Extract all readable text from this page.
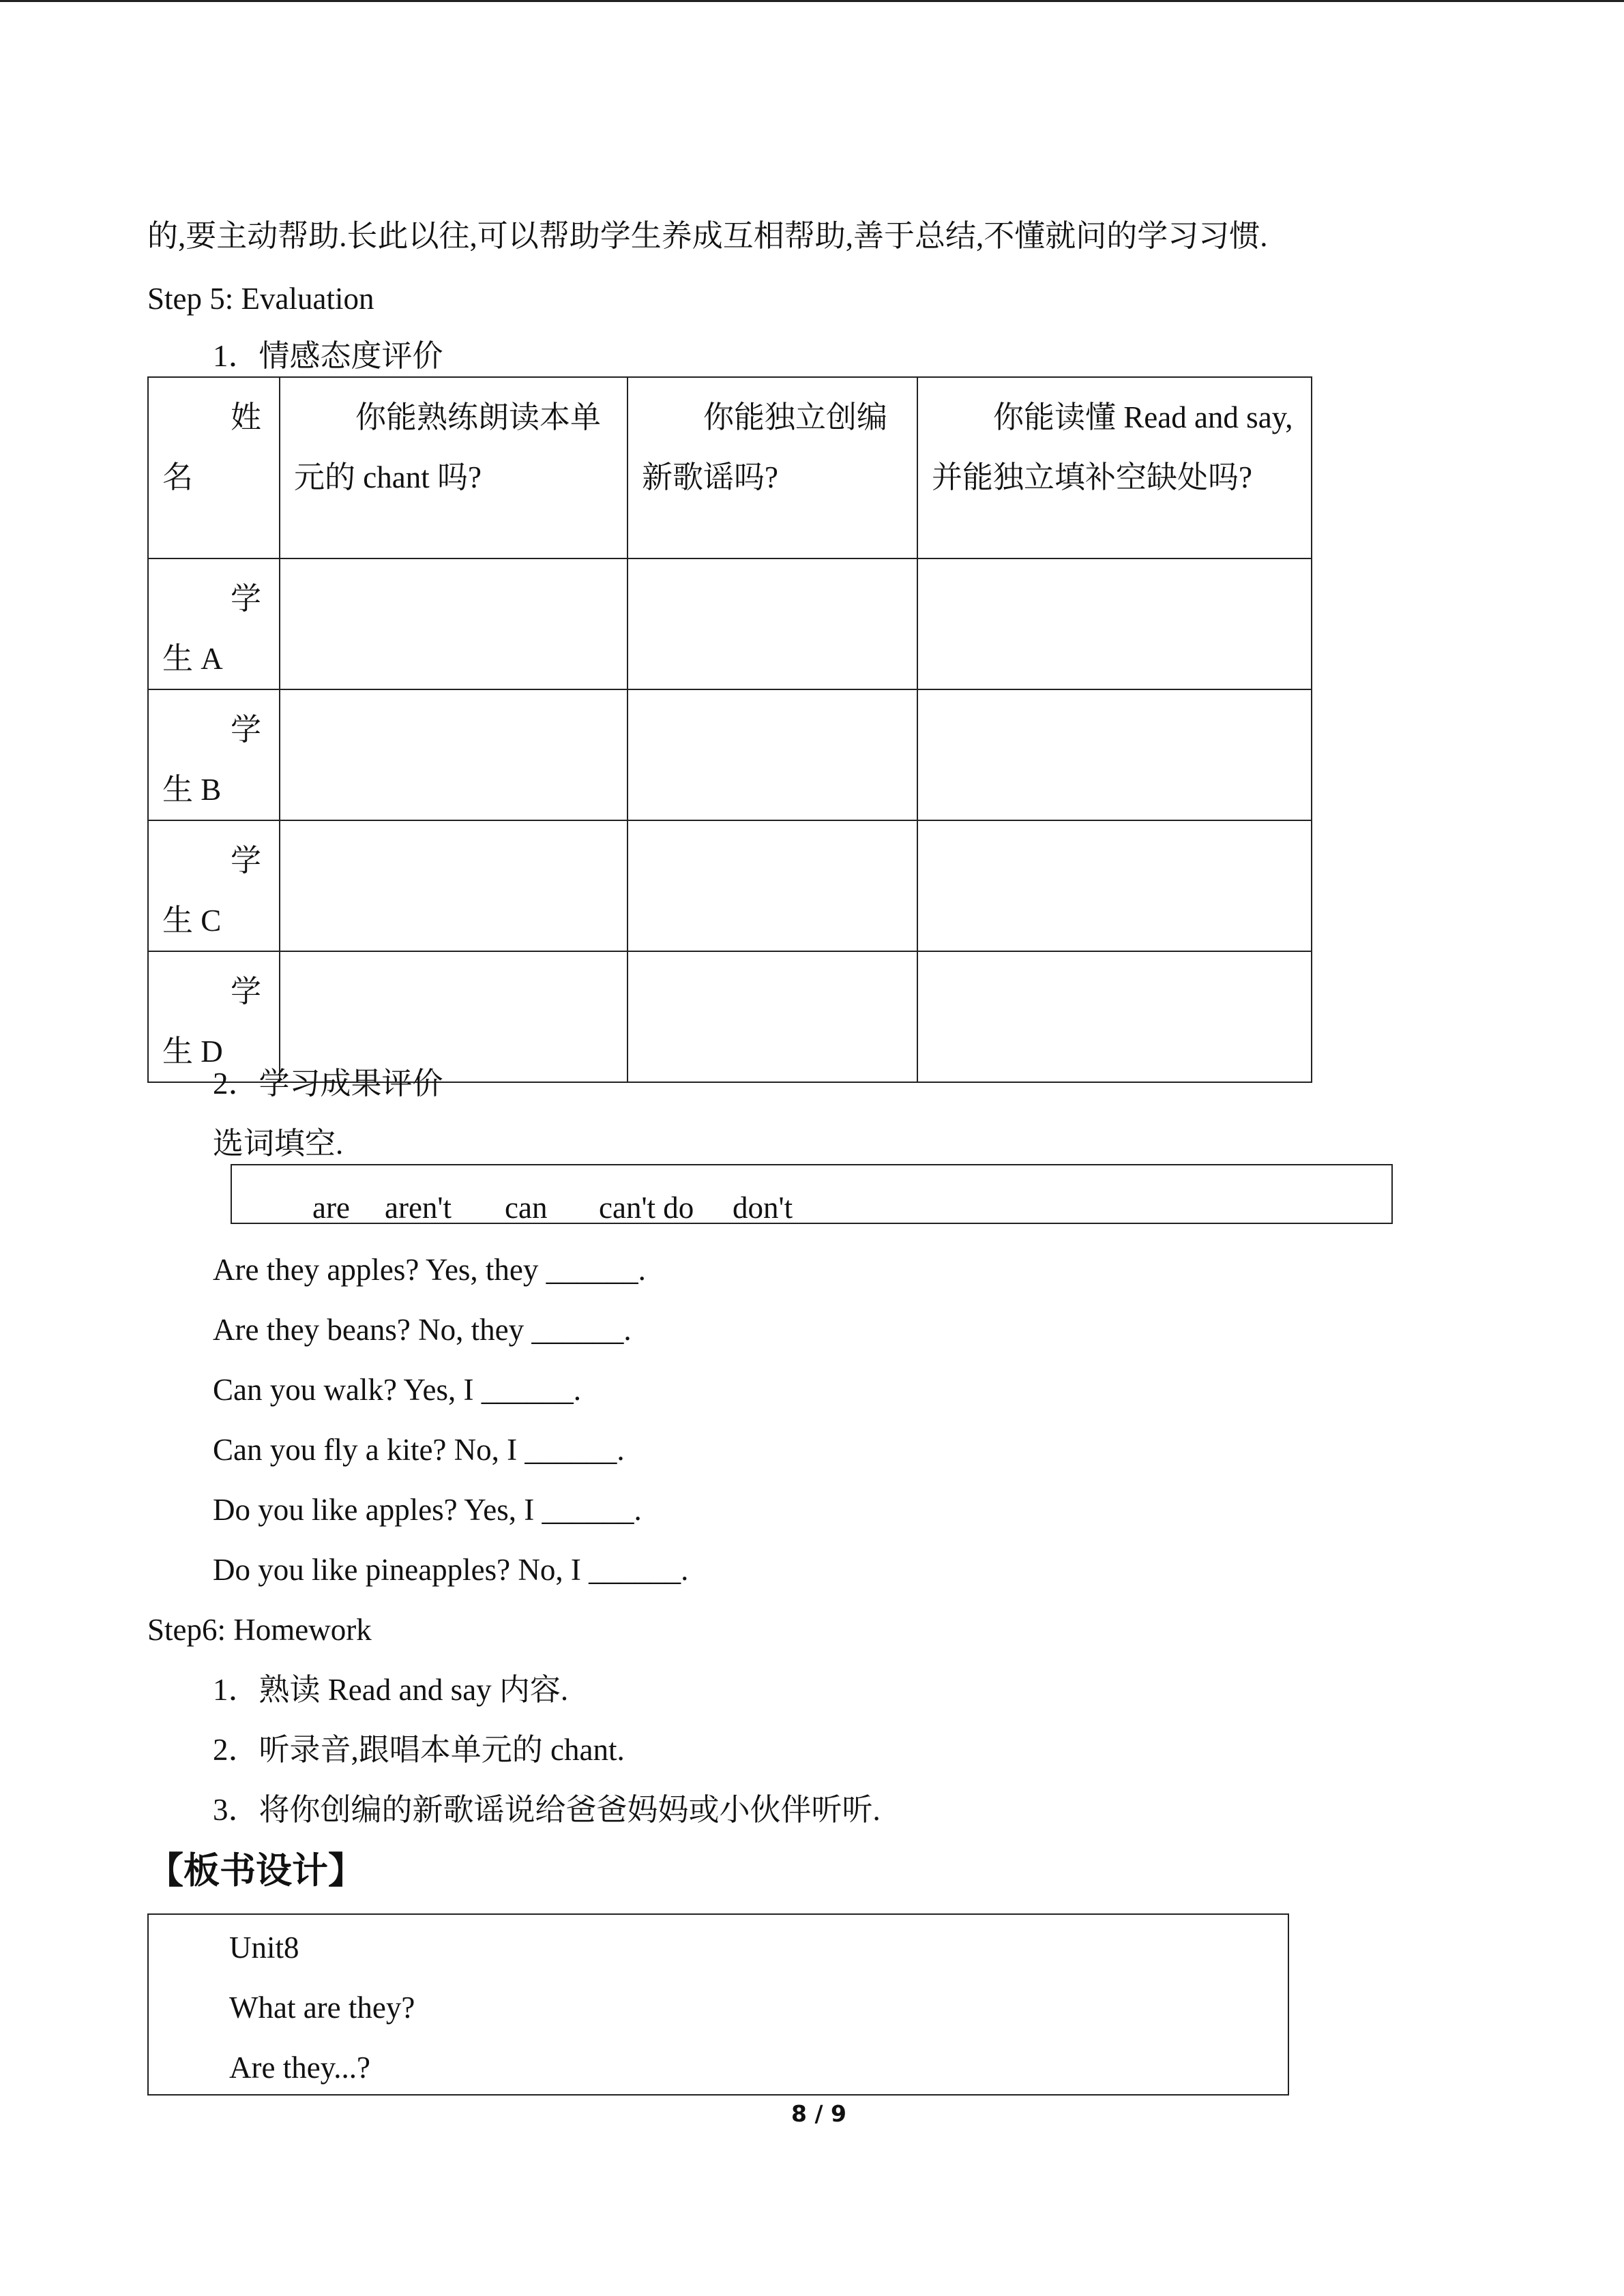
的,要主动帮助.长此以往,可以帮助学生养成互相帮助,善于总结,不懂就问的学习习惯.
Step 5: Evaluation
1．情感态度评价
姓名	你能熟练朗读本单元的 chant 吗?	你能独立创编新歌谣吗?	你能读懂 Read and say,并能独立填补空缺处吗?
学生 A			
学生 B			
学生 C			
学生 D			
2．学习成果评价
选词填空.
are aren't can can't do don't
Are they apples? Yes, they ______.
Are they beans? No, they ______.
Can you walk? Yes, I ______.
Can you fly a kite? No, I ______.
Do you like apples? Yes, I ______.
Do you like pineapples? No, I ______.
Step6: Homework
1．熟读 Read and say 内容.
2．听录音,跟唱本单元的 chant.
3．将你创编的新歌谣说给爸爸妈妈或小伙伴听听.
【板书设计】
Unit8
What are they?
Are they...?
8 / 9
